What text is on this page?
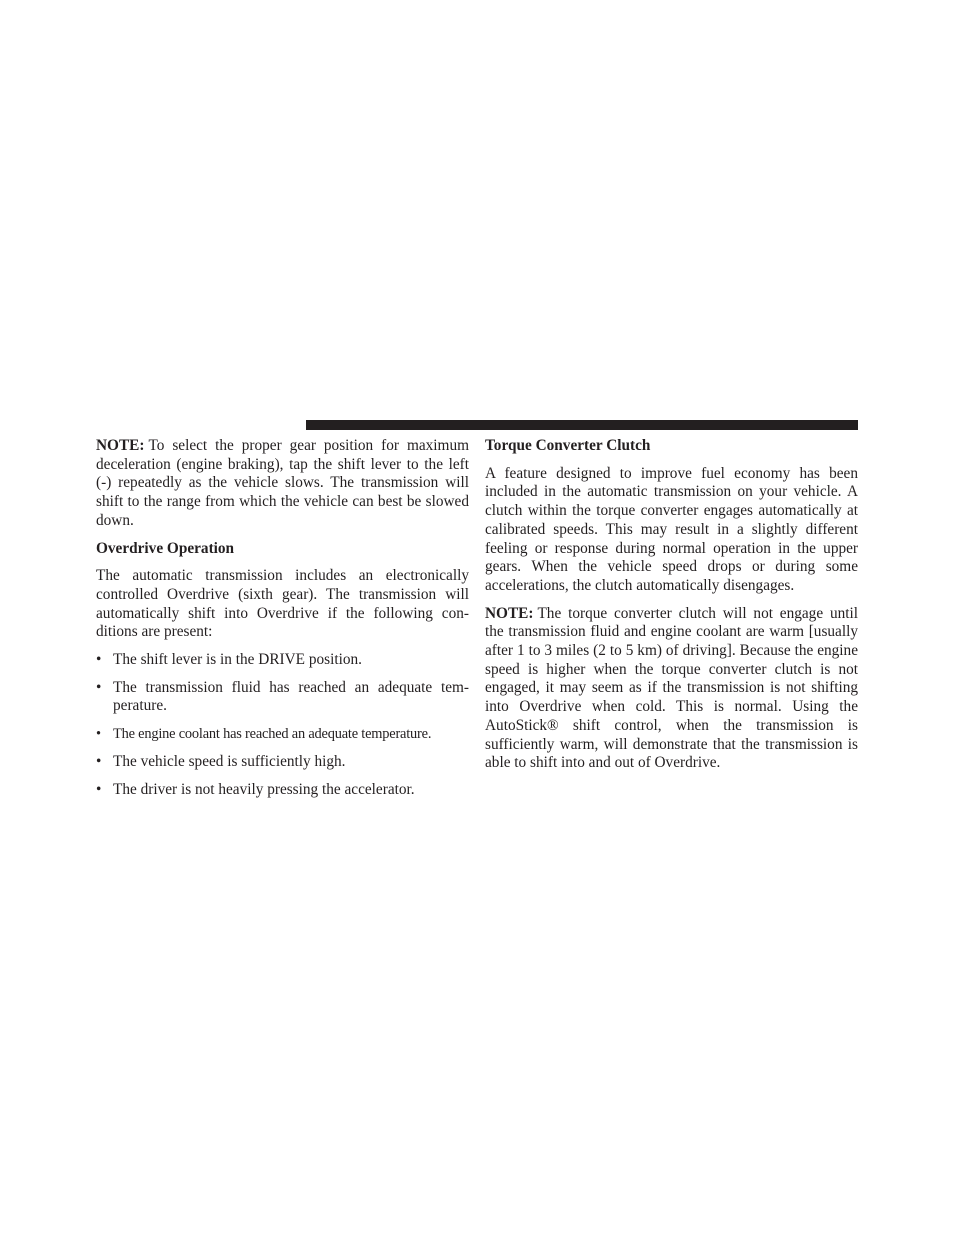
NOTE: To select the proper gear position for maximum deceleration (engine braking), tap the shift lever to the left (-) repeatedly as the vehicle slows. The transmission will shift to the range from which the vehicle can best be slowed down.

Overdrive Operation

The automatic transmission includes an electronically controlled Overdrive (sixth gear). The transmission will automatically shift into Overdrive if the following conditions are present:

• The shift lever is in the DRIVE position.
• The transmission fluid has reached an adequate temperature.
• The engine coolant has reached an adequate temperature.
• The vehicle speed is sufficiently high.
• The driver is not heavily pressing the accelerator.
Torque Converter Clutch

A feature designed to improve fuel economy has been included in the automatic transmission on your vehicle. A clutch within the torque converter engages automatically at calibrated speeds. This may result in a slightly different feeling or response during normal operation in the upper gears. When the vehicle speed drops or during some accelerations, the clutch automatically disengages.

NOTE: The torque converter clutch will not engage until the transmission fluid and engine coolant are warm [usually after 1 to 3 miles (2 to 5 km) of driving]. Because the engine speed is higher when the torque converter clutch is not engaged, it may seem as if the transmission is not shifting into Overdrive when cold. This is normal. Using the AutoStick® shift control, when the transmission is sufficiently warm, will demonstrate that the transmission is able to shift into and out of Overdrive.
